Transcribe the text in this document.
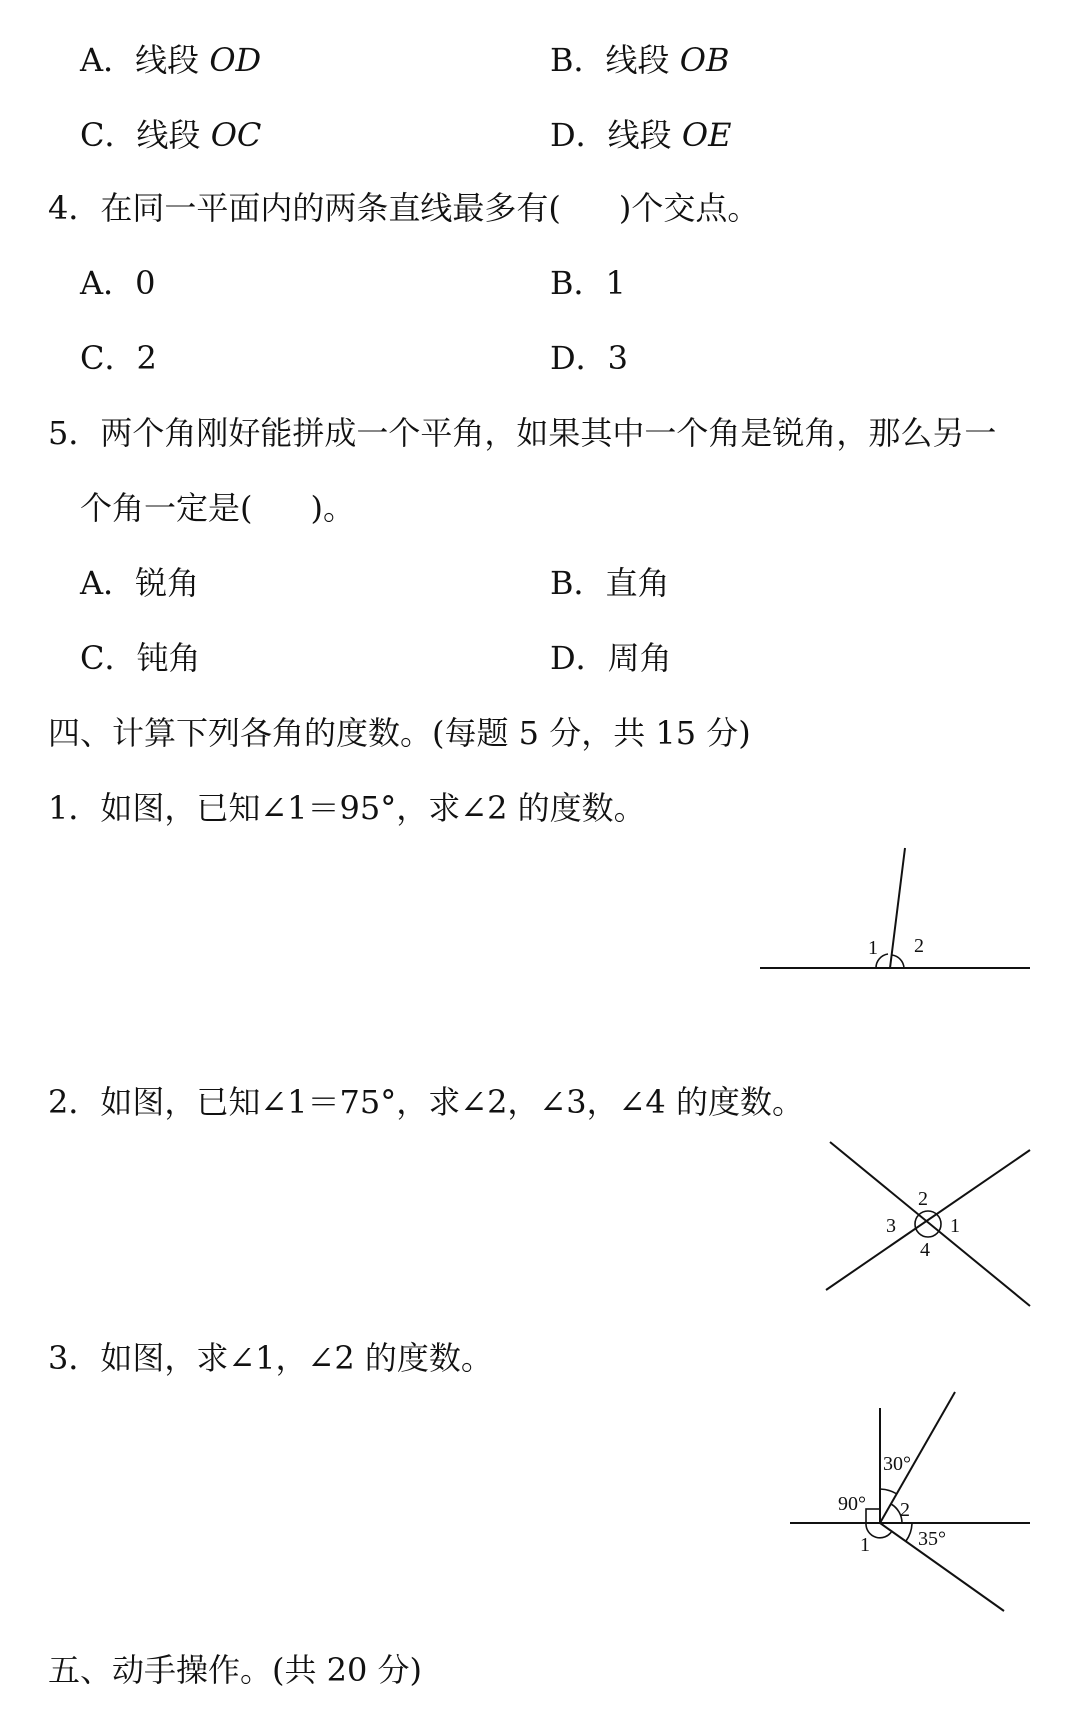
A．线段 OD	B．线段 OB
C．线段 OC	D．线段 OE
4．在同一平面内的两条直线最多有( )个交点。
A．0	B．1
C．2	D．3
5．两个角刚好能拼成一个平角，如果其中一个角是锐角，那么另一
个角一定是( )。
A．锐角	B．直角
C．钝角	D．周角
四、计算下列各角的度数。(每题 5 分，共 15 分)
1．如图，已知∠1＝95°，求∠2 的度数。
1 2
2．如图，已知∠1＝75°，求∠2，∠3，∠4 的度数。
2
3	1
4
3．如图，求∠1，∠2 的度数。
30°
90° 2
35°
1
五、动手操作。(共 20 分)
